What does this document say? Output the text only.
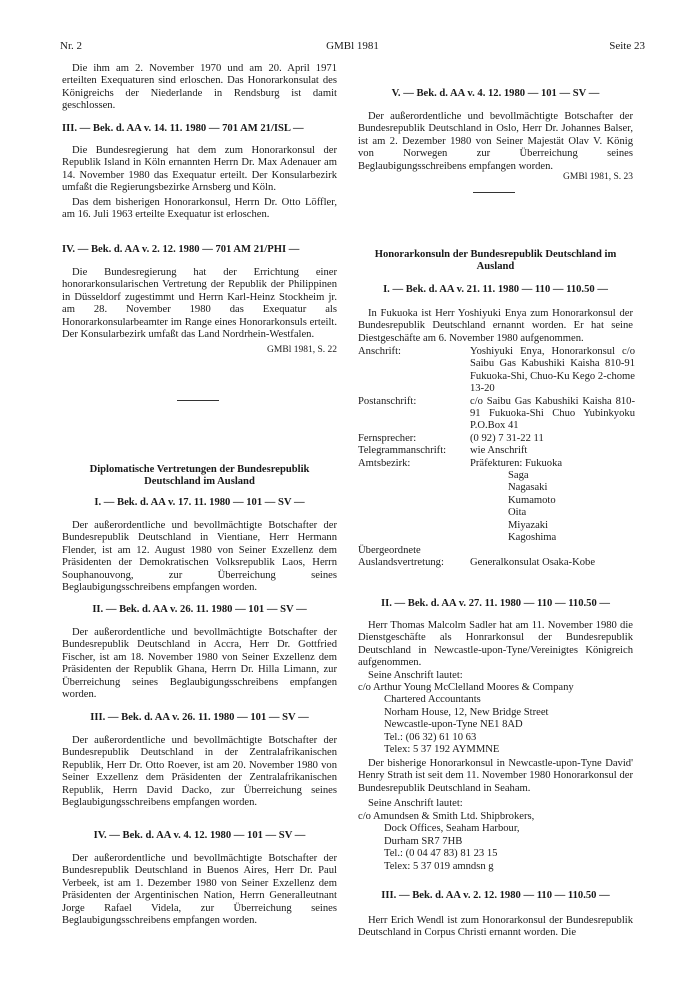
Nr. 2	GMBl 1981	Seite 23

Die ihm am 2. November 1970 und am 20. April 1971 erteilten Exequaturen sind erloschen. Das Honorarkonsulat des Königreichs der Niederlande in Rendsburg ist damit geschlossen.

III. — Bek. d. AA v. 14. 11. 1980 — 701 AM 21/ISL —

Die Bundesregierung hat dem zum Honorarkonsul der Republik Island in Köln ernannten Herrn Dr. Max Adenauer am 14. November 1980 das Exequatur erteilt. Der Konsularbezirk umfaßt die Regierungsbezirke Arnsberg und Köln.

Das dem bisherigen Honorarkonsul, Herrn Dr. Otto Löffler, am 16. Juli 1963 erteilte Exequatur ist erloschen.

IV. — Bek. d. AA v. 2. 12. 1980 — 701 AM 21/PHI —

Die Bundesregierung hat der Errichtung einer honorarkonsularischen Vertretung der Republik der Philippinen in Düsseldorf zugestimmt und Herrn Karl-Heinz Stockheim jr. am 28. November 1980 das Exequatur als Honorarkonsularbeamter im Range eines Honorarkonsuls erteilt. Der Konsularbezirk umfaßt das Land Nordrhein-Westfalen.

GMBl 1981, S. 22

Diplomatische Vertretungen der Bundesrepublik Deutschland im Ausland

I. — Bek. d. AA v. 17. 11. 1980 — 101 — SV —

Der außerordentliche und bevollmächtigte Botschafter der Bundesrepublik Deutschland in Vientiane, Herr Hermann Flender, ist am 12. August 1980 von Seiner Exzellenz dem Präsidenten der Demokratischen Volksrepublik Laos, Herrn Souphanouvong, zur Überreichung seines Beglaubigungsschreibens empfangen worden.

II. — Bek. d. AA v. 26. 11. 1980 — 101 — SV —

Der außerordentliche und bevollmächtigte Botschafter der Bundesrepublik Deutschland in Accra, Herr Dr. Gottfried Fischer, ist am 18. November 1980 von Seiner Exzellenz dem Präsidenten der Republik Ghana, Herrn Dr. Hilla Limann, zur Überreichung seines Beglaubigungsschreibens empfangen worden.

III. — Bek. d. AA v. 26. 11. 1980 — 101 — SV —

Der außerordentliche und bevollmächtigte Botschafter der Bundesrepublik Deutschland in der Zentralafrikanischen Republik, Herr Dr. Otto Roever, ist am 20. November 1980 von Seiner Exzellenz dem Präsidenten der Zentralafrikanischen Republik, Herrn David Dacko, zur Überreichung seines Beglaubigungsschreibens empfangen worden.

IV. — Bek. d. AA v. 4. 12. 1980 — 101 — SV —

Der außerordentliche und bevollmächtigte Botschafter der Bundesrepublik Deutschland in Buenos Aires, Herr Dr. Paul Verbeek, ist am 1. Dezember 1980 von Seiner Exzellenz dem Präsidenten der Argentinischen Nation, Herrn Generalleutnant Jorge Rafael Videla, zur Überreichung seines Beglaubigungsschreibens empfangen worden.

V. — Bek. d. AA v. 4. 12. 1980 — 101 — SV —

Der außerordentliche und bevollmächtigte Botschafter der Bundesrepublik Deutschland in Oslo, Herr Dr. Johannes Balser, ist am 2. Dezember 1980 von Seiner Majestät Olav V. König von Norwegen zur Überreichung seines Beglaubigungsschreibens empfangen worden.

GMBl 1981, S. 23

Honorarkonsuln der Bundesrepublik Deutschland im Ausland

I. — Bek. d. AA v. 21. 11. 1980 — 110 — 110.50 —

In Fukuoka ist Herr Yoshiyuki Enya zum Honorarkonsul der Bundesrepublik Deutschland ernannt worden. Er hat seine Diestgeschäfte am 6. November 1980 aufgenommen.

Anschrift:	Yoshiyuki Enya, Honorarkonsul c/o Saibu Gas Kabushiki Kaisha 810-91 Fukuoka-Shi, Chuo-Ku Kego 2-chome 13-20
Postanschrift:	c/o Saibu Gas Kabushiki Kaisha 810-91 Fukuoka-Shi Chuo Yubinkyoku P.O.Box 41
Fernsprecher:	(0 92) 7 31-22 11
Telegrammanschrift:	wie Anschrift
Amtsbezirk:	Präfekturen: Fukuoka
Saga
Nagasaki
Kumamoto
Oita
Miyazaki
Kagoshima
Übergeordnete
Auslandsvertretung:
	Generalkonsulat Osaka-Kobe

II. — Bek. d. AA v. 27. 11. 1980 — 110 — 110.50 —

Herr Thomas Malcolm Sadler hat am 11. November 1980 die Dienstgeschäfte als Honrarkonsul der Bundesrepublik Deutschland in Newcastle-upon-Tyne/Vereinigtes Königreich aufgenommen.

Seine Anschrift lautet:

c/o Arthur Young McClelland Moores & Company
Chartered Accountants
Norham House, 12, New Bridge Street
Newcastle-upon-Tyne NE1 8AD
Tel.: (06 32) 61 10 63
Telex: 5 37 192 AYMMNE

Der bisherige Honorarkonsul in Newcastle-upon-Tyne David' Henry Strath ist seit dem 11. November 1980 Honorarkonsul der Bundesrepublik Deutschland in Seaham.

Seine Anschrift lautet:

c/o Amundsen & Smith Ltd. Shipbrokers,
Dock Offices, Seaham Harbour,
Durham SR7 7HB
Tel.: (0 04 47 83) 81 23 15
Telex: 5 37 019 amndsn g

III. — Bek. d. AA v. 2. 12. 1980 — 110 — 110.50 —

Herr Erich Wendl ist zum Honorarkonsul der Bundesrepublik Deutschland in Corpus Christi ernannt worden. Die
